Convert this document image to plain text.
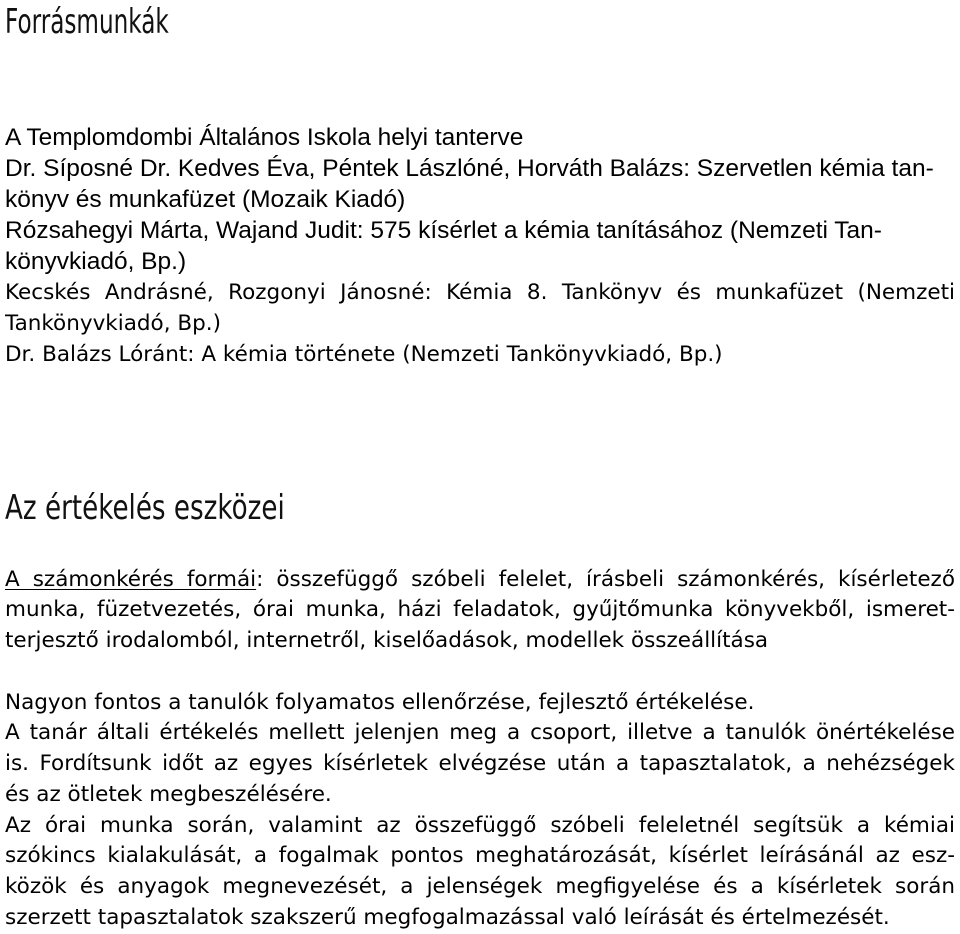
Forrásmunkák
A Templomdombi Általános Iskola helyi tanterve
Dr. Síposné Dr. Kedves Éva, Péntek Lászlóné, Horváth Balázs: Szervetlen kémia tan-
könyv és munkafüzet (Mozaik Kiadó)
Rózsahegyi Márta, Wajand Judit: 575 kísérlet a kémia tanításához (Nemzeti Tan-
könyvkiadó, Bp.)
Kecskés Andrásné, Rozgonyi Jánosné: Kémia 8. Tankönyv és munkafüzet (Nemzeti
Tankönyvkiadó, Bp.)
Dr. Balázs Lóránt: A kémia története (Nemzeti Tankönyvkiadó, Bp.)
Az értékelés eszközei
A számonkérés formái: összefüggő szóbeli felelet, írásbeli számonkérés, kísérletező
munka, füzetvezetés, órai munka, házi feladatok, gyűjtőmunka könyvekből, ismeret-
terjesztő irodalomból, internetről, kiselőadások, modellek összeállítása
Nagyon fontos a tanulók folyamatos ellenőrzése, fejlesztő értékelése.
A tanár általi értékelés mellett jelenjen meg a csoport, illetve a tanulók önértékelése
is. Fordítsunk időt az egyes kísérletek elvégzése után a tapasztalatok, a nehézségek
és az ötletek megbeszélésére.
Az órai munka során, valamint az összefüggő szóbeli feleletnél segítsük a kémiai
szókincs kialakulását, a fogalmak pontos meghatározását, kísérlet leírásánál az esz-
közök és anyagok megnevezését, a jelenségek megfigyelése és a kísérletek során
szerzett tapasztalatok szakszerű megfogalmazással való leírását és értelmezését.
